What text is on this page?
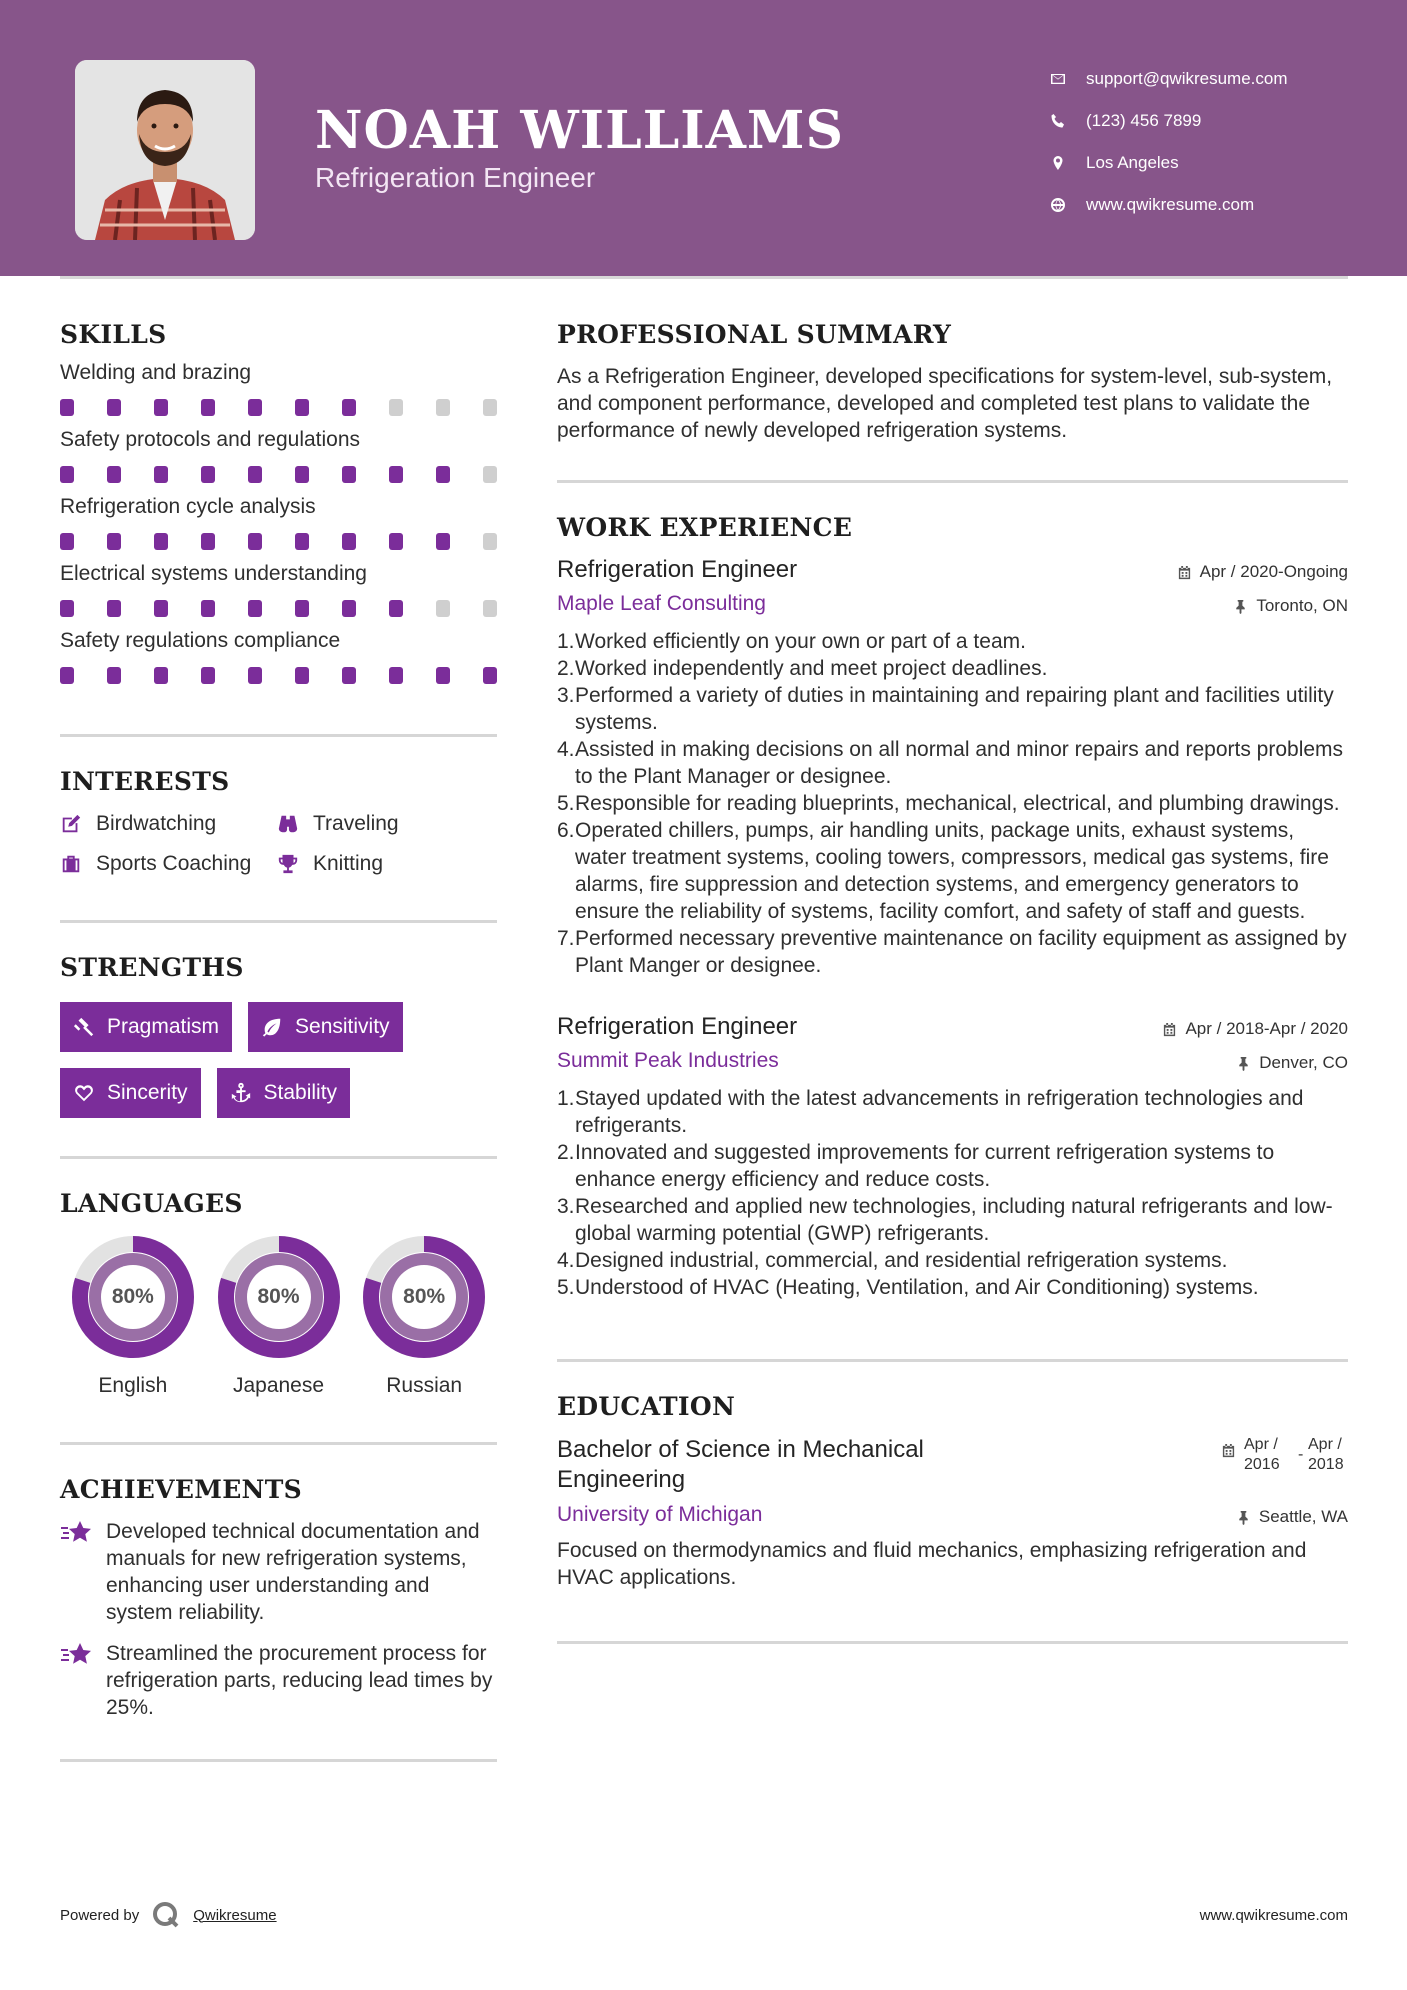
NOAH WILLIAMS
Refrigeration Engineer
support@qwikresume.com
(123) 456 7899
Los Angeles
www.qwikresume.com
SKILLS
Welding and brazing
Safety protocols and regulations
Refrigeration cycle analysis
Electrical systems understanding
Safety regulations compliance
INTERESTS
Birdwatching	Traveling
Sports Coaching	Knitting
STRENGTHS
Pragmatism	Sensitivity
Sincerity	Stability
LANGUAGES
80%
English
80%
Japanese
80%
Russian
ACHIEVEMENTS
Developed technical documentation and manuals for new refrigeration systems, enhancing user understanding and system reliability.
Streamlined the procurement process for refrigeration parts, reducing lead times by 25%.
PROFESSIONAL SUMMARY
As a Refrigeration Engineer, developed specifications for system-level, sub-system, and component performance, developed and completed test plans to validate the performance of newly developed refrigeration systems.
WORK EXPERIENCE
Refrigeration Engineer	Apr / 2020-Ongoing
Maple Leaf Consulting	Toronto, ON
1. Worked efficiently on your own or part of a team.
2. Worked independently and meet project deadlines.
3. Performed a variety of duties in maintaining and repairing plant and facilities utility systems.
4. Assisted in making decisions on all normal and minor repairs and reports problems to the Plant Manager or designee.
5. Responsible for reading blueprints, mechanical, electrical, and plumbing drawings.
6. Operated chillers, pumps, air handling units, package units, exhaust systems, water treatment systems, cooling towers, compressors, medical gas systems, fire alarms, fire suppression and detection systems, and emergency generators to ensure the reliability of systems, facility comfort, and safety of staff and guests.
7. Performed necessary preventive maintenance on facility equipment as assigned by Plant Manger or designee.
Refrigeration Engineer	Apr / 2018-Apr / 2020
Summit Peak Industries	Denver, CO
1. Stayed updated with the latest advancements in refrigeration technologies and refrigerants.
2. Innovated and suggested improvements for current refrigeration systems to enhance energy efficiency and reduce costs.
3. Researched and applied new technologies, including natural refrigerants and low-global warming potential (GWP) refrigerants.
4. Designed industrial, commercial, and residential refrigeration systems.
5. Understood of HVAC (Heating, Ventilation, and Air Conditioning) systems.
EDUCATION
Bachelor of Science in Mechanical Engineering
Apr /
2016
-
Apr /
2018
University of Michigan	Seattle, WA
Focused on thermodynamics and fluid mechanics, emphasizing refrigeration and HVAC applications.
Powered by	Qwikresume	www.qwikresume.com
